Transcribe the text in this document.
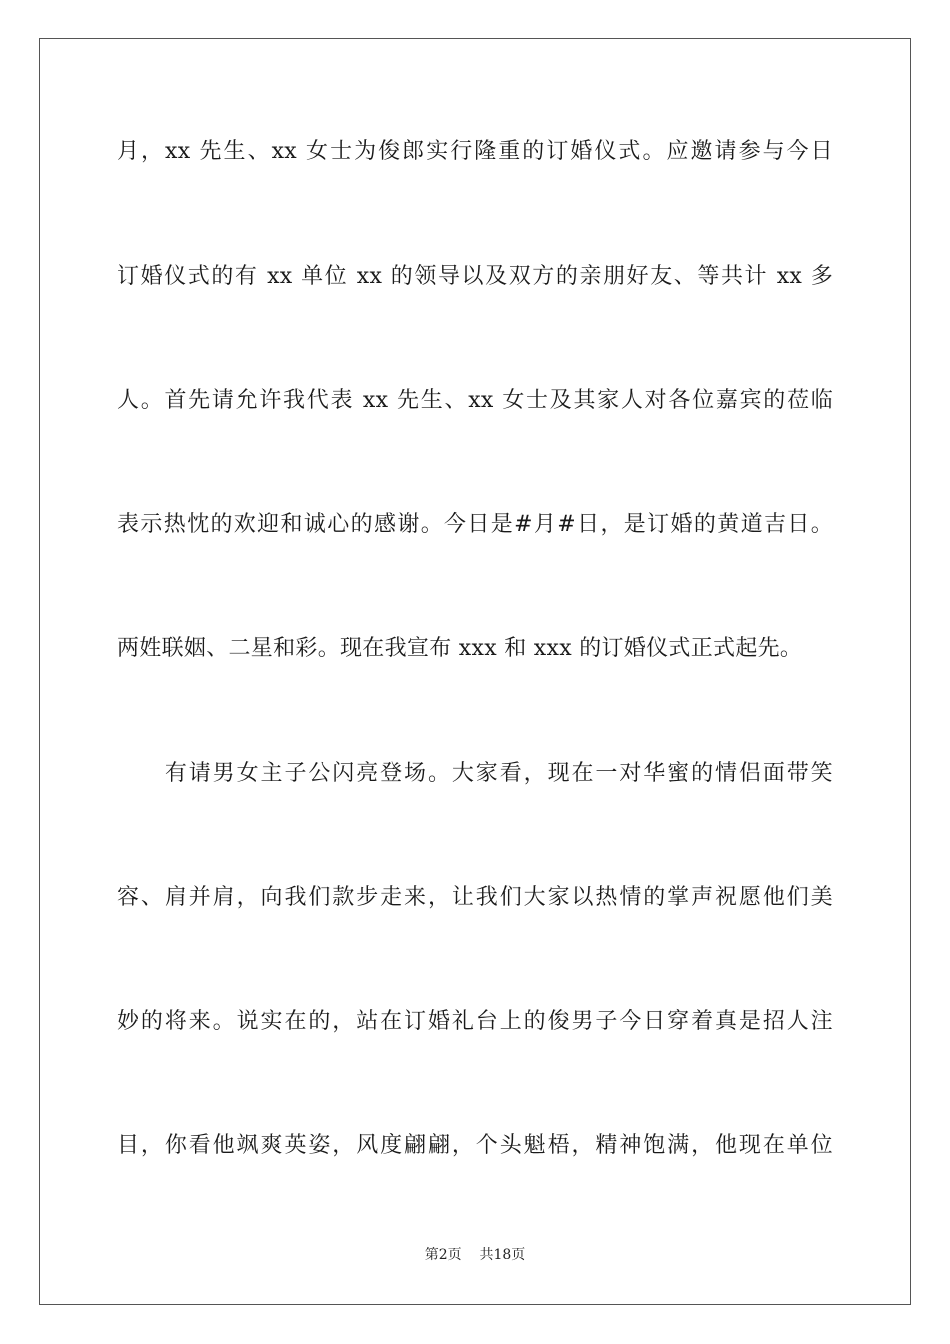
月，xx 先生、xx 女士为俊郎实行隆重的订婚仪式。应邀请参与今日
订婚仪式的有 xx 单位 xx 的领导以及双方的亲朋好友、等共计 xx 多
人。首先请允许我代表 xx 先生、xx 女士及其家人对各位嘉宾的莅临
表示热忱的欢迎和诚心的感谢。今日是#月#日，是订婚的黄道吉日。
两姓联姻、二星和彩。现在我宣布 xxx 和 xxx 的订婚仪式正式起先。
　　有请男女主子公闪亮登场。大家看，现在一对华蜜的情侣面带笑
容、肩并肩，向我们款步走来，让我们大家以热情的掌声祝愿他们美
妙的将来。说实在的，站在订婚礼台上的俊男子今日穿着真是招人注
目，你看他飒爽英姿，风度翩翩，个头魁梧，精神饱满，他现在单位
第2页 共18页
